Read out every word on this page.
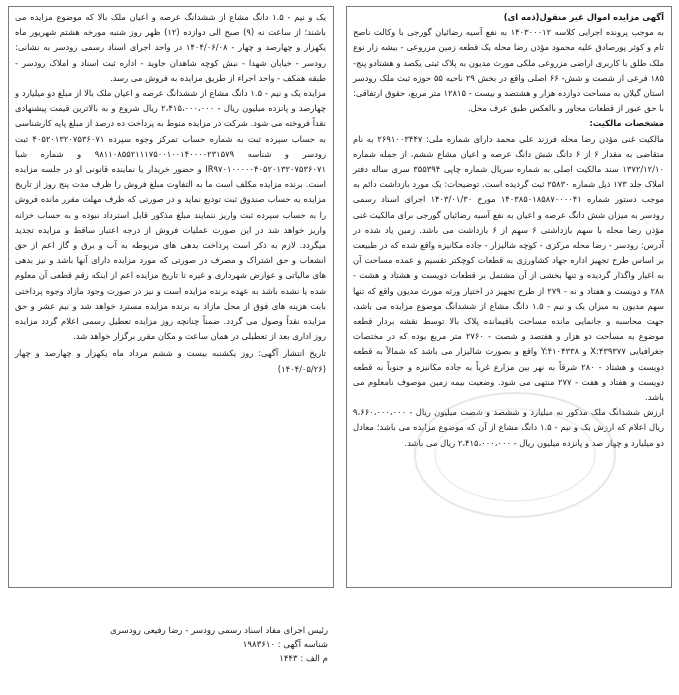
آگهی مزایده اموال غیر منقول(ذمه ای)

به موجب پرونده اجرایی کلاسه ۱۴۰۳۰۰۰۱۲ به نفع آسیه رضائیان گورجی با وکالت ناصح تام و کوثر پورصادق علیه محمود مؤذن رضا محله یک قطعه زمین مزروعی - بیشه زار نوع ملک طلق با کاربری اراضی مزروعی ملکی مورث مدیون به پلاک ثبتی یکصد و هشتادو پنج- ۱۸۵ فرعی از شصت و شش- ۶۶ اصلی واقع در بخش ۲۹ ناحیه ۵۵ حوزه ثبت ملک رودسر استان گیلان به مساحت دوازده هزار و هشتصد و بیست - ۱۲۸۱۵ متر مربع، حقوق ارتفاقی: با حق عبور از قطعات مجاور و بالعکس طبق عرف محل.

مشخصات مالکیت:

مالکیت غنی مؤذن رضا محله فرزند علی محمد دارای شماره ملی: ۲۶۹۱۰۰۳۴۴۷ به نام متقاضی به مقدار ۶ از ۶ دانگ شش دانگ عرصه و اعیان مشاع ششم، از جمله شماره ۱۳۷۲/۱۲/۱۰ سند مالکیت اصلی به شماره سریال شماره چاپی ۳۵۵۳۹۴ سری ساله دفتر املاک جلد ۱۷۳ ذیل شماره ۲۵۸۳۰ ثبت گردیده است. توضیحات: یک مورد بازداشت دائم به موجب دستور شماره ۱۴۰۳۸۵۰۱۸۵۸۷۰۰۰۰۴۱ مورخ ۱۴۰۳/۰۱/۳۰ اجرای اسناد رسمی رودسر به میزان شش دانگ عرصه و اعیان به نفع آسیه رضائیان گورجی برای مالکیت غنی مؤذن رضا محله با سهم بازداشتی ۶ سهم از ۶ بازداشت می باشد. زمین یاد شده در آدرس: رودسر - رضا محله مرکزی - کوچه شالیزار - جاده مکانیزه واقع شده که در طبیعت بر اساس طرح تجهیز اداره جهاد کشاورزی به قطعات کوچکتر تقسیم و عمده مساحت آن به اغیار واگذار گردیده و تنها بخشی از آن مشتمل بر قطعات دویست و هشتاد و هشت - ۲۸۸ و دویست و هفتاد و نه - ۲۷۹ از طرح تجهیز در اختیار ورثه مورث مدیون واقع که تنها سهم مدیون به میزان یک و نیم - ۱.۵ دانگ مشاع از ششدانگ موضوع مزایده می باشد، جهت محاسبه و جانمایی مانده مساحت باقیمانده پلاک بالا توسط نقشه بردار قطعه موضوع به مساحت دو هزار و هفتصد و شصت - ۲۷۶۰ متر مربع بوده که در مختصات جغرافیایی X:۴۳۹۳۷۷ و Y:۴۱۰۴۳۳۸ واقع و بصورت شالیزار می باشد که شمالاً به قطعه دویست و هشتاد - ۲۸۰ شرقاً به نهر بین مزارع غرباً به جاده مکانیزه و جنوباً به قطعه دویست و هفتاد و هفت - ۲۷۷ منتهی می شود. وضعیت بیمه زمین موصوف نامعلوم می باشد.

ارزش ششدانگ ملک مذکور نه میلیارد و ششصد و شصت میلیون ریال - ۹،۶۶۰،۰۰۰،۰۰۰ ریال اعلام که ارزش یک و نیم - ۱.۵ دانگ مشاع از آن که موضوع مزایده می باشد؛ معادل دو میلیارد و چهار صد و پانزده میلیون ریال - ۲،۴۱۵،۰۰۰،۰۰۰ ریال می باشد.

یک و نیم - ۱.۵ دانگ مشاع از ششدانگ عرصه و اعیان ملک بالا که موضوع مزایده می باشند؛ از ساعت نه (۹) صبح الی دوازده (۱۲) ظهر روز شنبه مورخه هشتم شهریور ماه یکهزار و چهارصد و چهار - ۱۴۰۴/۰۶/۰۸ در واحد اجرای اسناد رسمی رودسر به نشانی: رودسر - خیابان شهدا - نبش کوچه شاهدان جاوید - اداره ثبت اسناد و املاک رودسر - طبقه همکف - واحد اجراء از طریق مزایده به فروش می رسد.

مزایده یک و نیم - ۱.۵ دانگ مشاع از ششدانگ عرصه و اعیان ملک بالا از مبلغ دو میلیارد و چهارصد و پانزده میلیون ریال - ۲،۴۱۵،۰۰۰،۰۰۰ ریال شروع و به بالاترین قیمت پیشنهادی نقداً فروخته می شود. شرکت در مزایده منوط به پرداخت ده درصد از مبلغ پایه کارشناسی به حساب سپرده ثبت به شماره حساب تمرکز وجوه سپرده ۴۰۵۲۰۱۳۲۰۷۵۳۶۰۷۱ ثبت رودسر و شناسه ۹۸۱۱۰۸۵۵۲۱۱۱۷۵۰۰۱۰۰۱۴۰۰۰۰۲۳۱۵۷۹ و شماره شبا IR۹۷۰۱۰۰۰۰۰۴۰۵۲۰۱۳۲۰۷۵۳۶۰۷۱ و حضور خریدار یا نماینده قانونی او در جلسه مزایده است. برنده مزایده مکلف است ما به التفاوت مبلغ فروش را ظرف مدت پنج روز از تاریخ مزایده به حساب صندوق ثبت تودیع نماید و در صورتی که ظرف مهلت مقرر مانده فروش را به حساب سپرده ثبت واریز ننمایند مبلغ مذکور قابل استرداد نبوده و به حساب خزانه واریز خواهد شد در این صورت عملیات فروش از درجه اعتبار ساقط و مزایده تجدید میگردد. لازم به ذکر است پرداخت بدهی های مربوطه به آب و برق و گاز اعم از حق انشعاب و حق اشتراک و مصرف در صورتی که مورد مزایده دارای آنها باشد و نیز بدهی های مالیاتی و عوارض شهرداری و غیره تا تاریخ مزایده اعم از اینکه رقم قطعی آن معلوم شده یا نشده باشد به عهده برنده مزایده است و نیز در صورت وجود مازاد وجوه پرداختی بابت هزینه های فوق از محل مازاد به برنده مزایده مسترد خواهد شد و نیم عشر و حق مزایده نقداً وصول می گردد. ضمناً چنانچه روز مزایده تعطیل رسمی اعلام گردد مزایده روز اداری بعد از تعطیلی در همان ساعت و مکان مقرر برگزار خواهد شد.

تاریخ انتشار آگهی: روز یکشنبه بیست و ششم مرداد ماه یکهزار و چهارصد و چهار (۱۴۰۴/۰۵/۲۶)

رئیس اجرای مفاد اسناد رسمی رودسر - رضا رفیعی رودسری

شناسه آگهی : ۱۹۸۳۶۱۰

م الف : ۱۴۴۳
